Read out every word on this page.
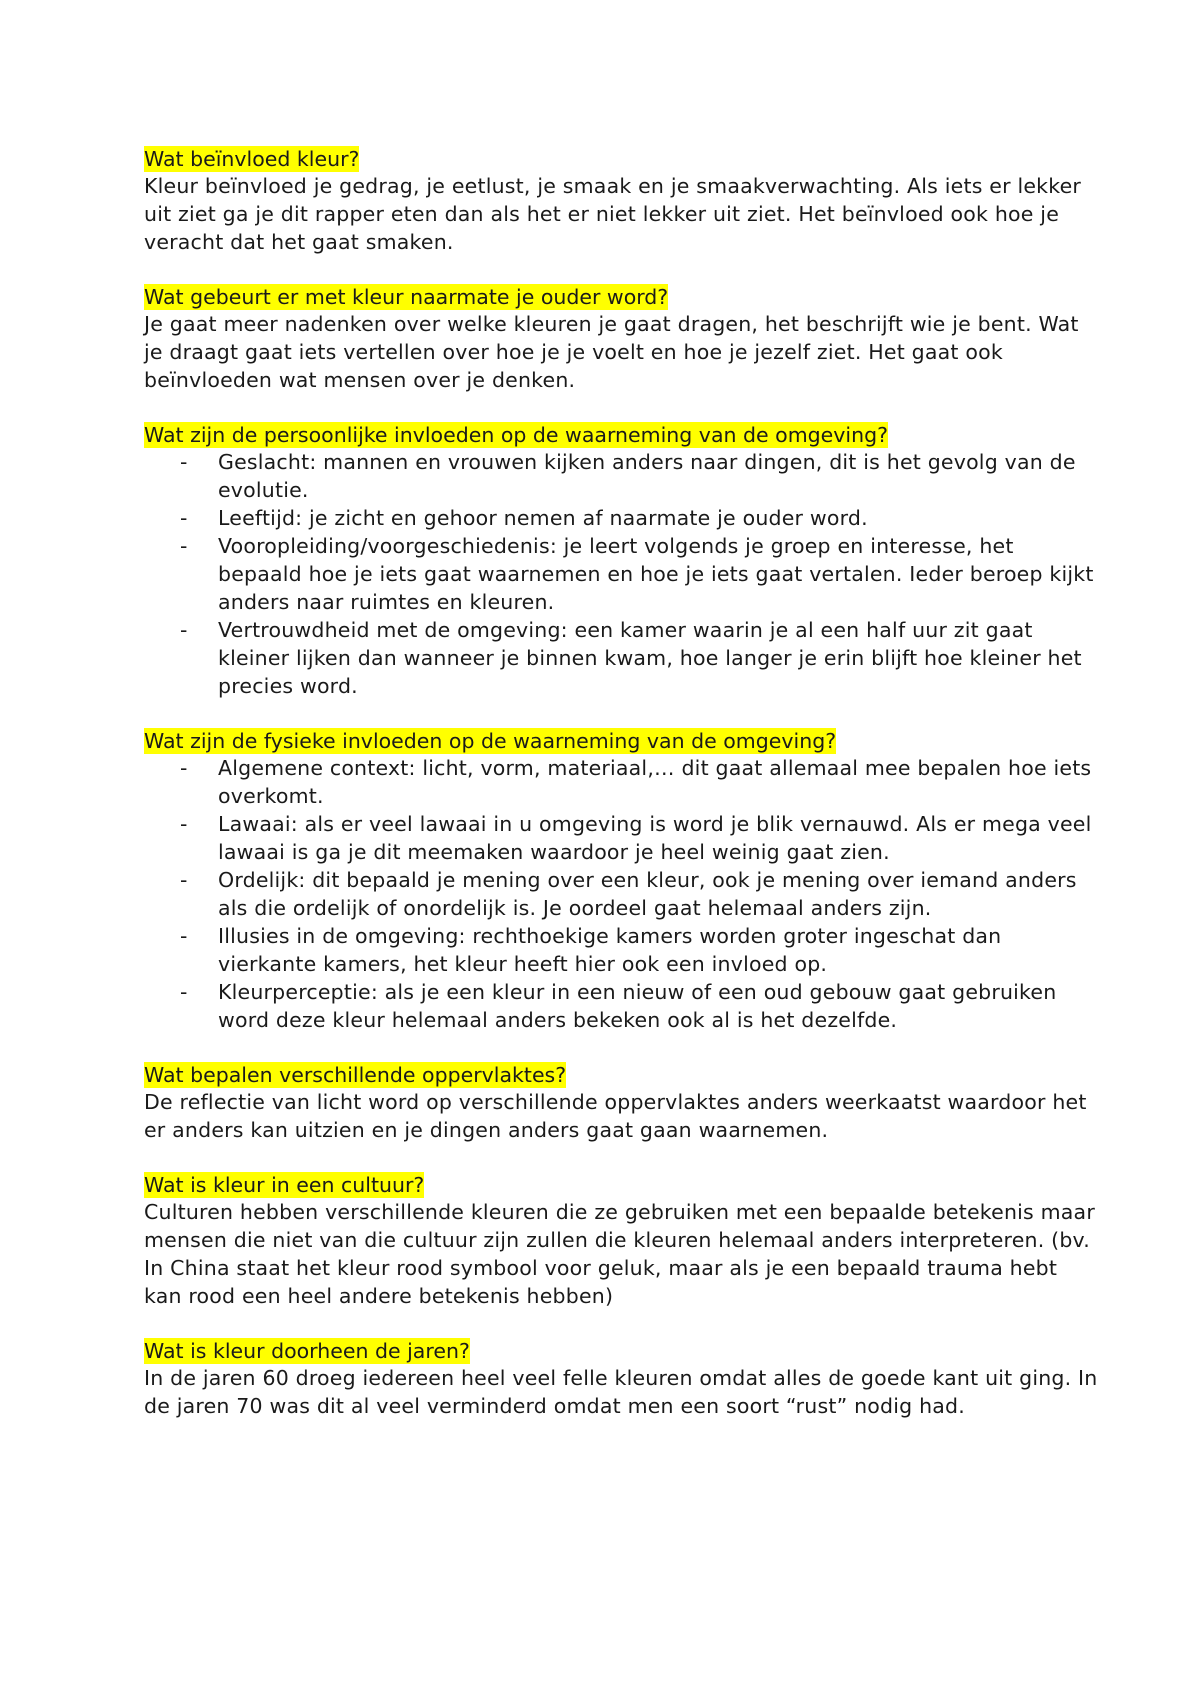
Wat beïnvloed kleur?

Kleur beïnvloed je gedrag, je eetlust, je smaak en je smaakverwachting. Als iets er lekker uit ziet ga je dit rapper eten dan als het er niet lekker uit ziet. Het beïnvloed ook hoe je veracht dat het gaat smaken.

Wat gebeurt er met kleur naarmate je ouder word?

Je gaat meer nadenken over welke kleuren je gaat dragen, het beschrijft wie je bent. Wat je draagt gaat iets vertellen over hoe je je voelt en hoe je jezelf ziet. Het gaat ook beïnvloeden wat mensen over je denken.

Wat zijn de persoonlijke invloeden op de waarneming van de omgeving?
- Geslacht: mannen en vrouwen kijken anders naar dingen, dit is het gevolg van de evolutie.
- Leeftijd: je zicht en gehoor nemen af naarmate je ouder word.
- Vooropleiding/voorgeschiedenis: je leert volgends je groep en interesse, het bepaald hoe je iets gaat waarnemen en hoe je iets gaat vertalen. Ieder beroep kijkt anders naar ruimtes en kleuren.
- Vertrouwdheid met de omgeving: een kamer waarin je al een half uur zit gaat kleiner lijken dan wanneer je binnen kwam, hoe langer je erin blijft hoe kleiner het precies word.
Wat zijn de fysieke invloeden op de waarneming van de omgeving?
- Algemene context: licht, vorm, materiaal,… dit gaat allemaal mee bepalen hoe iets overkomt.
- Lawaai: als er veel lawaai in u omgeving is word je blik vernauwd. Als er mega veel lawaai is ga je dit meemaken waardoor je heel weinig gaat zien.
- Ordelijk: dit bepaald je mening over een kleur, ook je mening over iemand anders als die ordelijk of onordelijk is. Je oordeel gaat helemaal anders zijn.
- Illusies in de omgeving: rechthoekige kamers worden groter ingeschat dan vierkante kamers, het kleur heeft hier ook een invloed op.
- Kleurperceptie: als je een kleur in een nieuw of een oud gebouw gaat gebruiken word deze kleur helemaal anders bekeken ook al is het dezelfde.
Wat bepalen verschillende oppervlaktes?

De reflectie van licht word op verschillende oppervlaktes anders weerkaatst waardoor het er anders kan uitzien en je dingen anders gaat gaan waarnemen.

Wat is kleur in een cultuur?

Culturen hebben verschillende kleuren die ze gebruiken met een bepaalde betekenis maar mensen die niet van die cultuur zijn zullen die kleuren helemaal anders interpreteren. (bv. In China staat het kleur rood symbool voor geluk, maar als je een bepaald trauma hebt kan rood een heel andere betekenis hebben)

Wat is kleur doorheen de jaren?

In de jaren 60 droeg iedereen heel veel felle kleuren omdat alles de goede kant uit ging. In de jaren 70 was dit al veel verminderd omdat men een soort “rust” nodig had.
